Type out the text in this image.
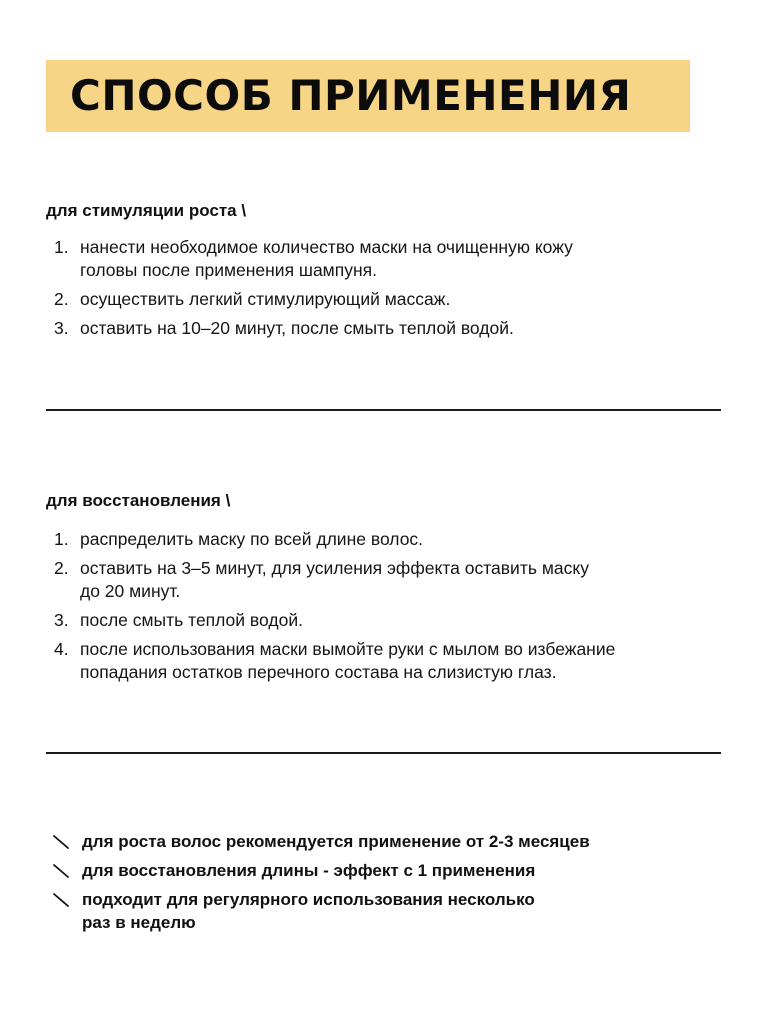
СПОСОБ ПРИМЕНЕНИЯ
для стимуляции роста \
1. нанести необходимое количество маски на очищенную кожу
головы после применения шампуня.
2. осуществить легкий стимулирующий массаж.
3. оставить на 10–20 минут, после смыть теплой водой.
для восстановления \
1. распределить маску по всей длине волос.
2. оставить на 3–5 минут, для усиления эффекта оставить маску
до 20 минут.
3. после смыть теплой водой.
4. после использования маски вымойте руки с мылом во избежание
попадания остатков перечного состава на слизистую глаз.
для роста волос рекомендуется применение от 2-3 месяцев
для восстановления длины - эффект с 1 применения
подходит для регулярного использования несколько
раз в неделю
